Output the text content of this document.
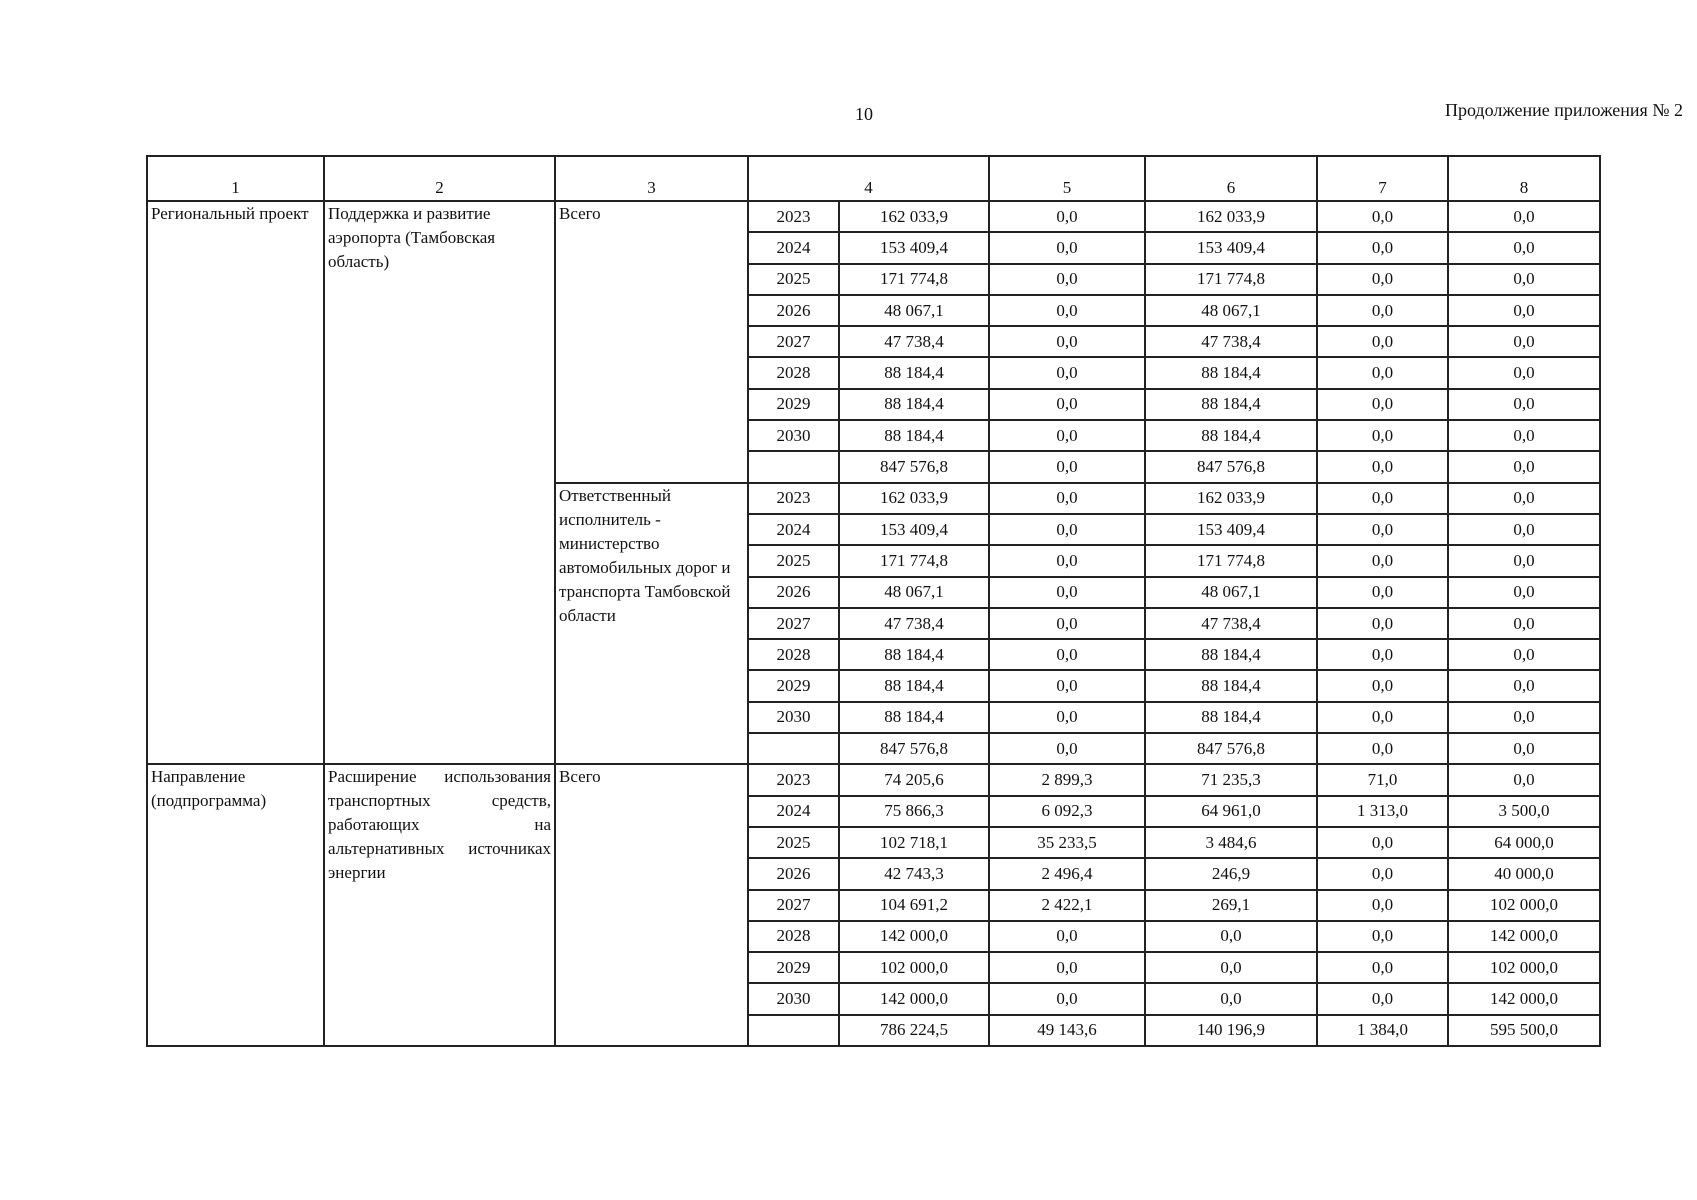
10	Продолжение приложения № 2
1	2	3	4		5	6	7	8
Региональный проект	Поддержка и развитие аэропорта (Тамбовская область)	Всего	2023	162 033,9	0,0	162 033,9	0,0	0,0
			2024	153 409,4	0,0	153 409,4	0,0	0,0
			2025	171 774,8	0,0	171 774,8	0,0	0,0
			2026	48 067,1	0,0	48 067,1	0,0	0,0
			2027	47 738,4	0,0	47 738,4	0,0	0,0
			2028	88 184,4	0,0	88 184,4	0,0	0,0
			2029	88 184,4	0,0	88 184,4	0,0	0,0
			2030	88 184,4	0,0	88 184,4	0,0	0,0
				847 576,8	0,0	847 576,8	0,0	0,0
		Ответственный исполнитель - министерство автомобильных дорог и транспорта Тамбовской области	2023	162 033,9	0,0	162 033,9	0,0	0,0
			2024	153 409,4	0,0	153 409,4	0,0	0,0
			2025	171 774,8	0,0	171 774,8	0,0	0,0
			2026	48 067,1	0,0	48 067,1	0,0	0,0
			2027	47 738,4	0,0	47 738,4	0,0	0,0
			2028	88 184,4	0,0	88 184,4	0,0	0,0
			2029	88 184,4	0,0	88 184,4	0,0	0,0
			2030	88 184,4	0,0	88 184,4	0,0	0,0
				847 576,8	0,0	847 576,8	0,0	0,0
Направление (подпрограмма)	Расширение использования транспортных средств, работающих на альтернативных источниках энергии	Всего	2023	74 205,6	2 899,3	71 235,3	71,0	0,0
			2024	75 866,3	6 092,3	64 961,0	1 313,0	3 500,0
			2025	102 718,1	35 233,5	3 484,6	0,0	64 000,0
			2026	42 743,3	2 496,4	246,9	0,0	40 000,0
			2027	104 691,2	2 422,1	269,1	0,0	102 000,0
			2028	142 000,0	0,0	0,0	0,0	142 000,0
			2029	102 000,0	0,0	0,0	0,0	102 000,0
			2030	142 000,0	0,0	0,0	0,0	142 000,0
				786 224,5	49 143,6	140 196,9	1 384,0	595 500,0
